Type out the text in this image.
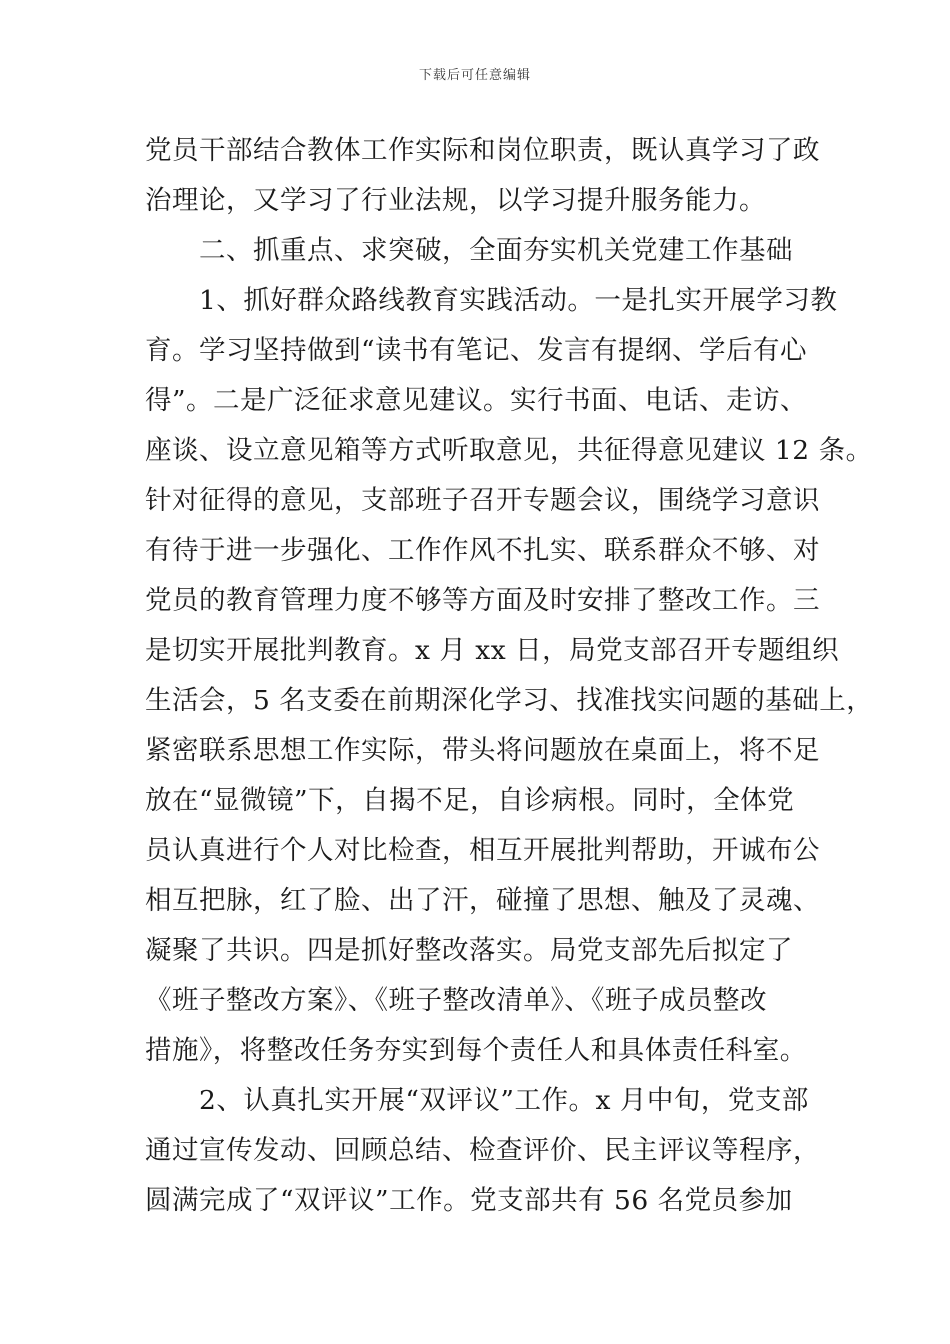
下载后可任意编辑
党员干部结合教体工作实际和岗位职责，既认真学习了政
治理论，又学习了行业法规，以学习提升服务能力。
　　二、抓重点、求突破，全面夯实机关党建工作基础
　　1、抓好群众路线教育实践活动。一是扎实开展学习教
育。学习坚持做到“读书有笔记、发言有提纲、学后有心
得”。二是广泛征求意见建议。实行书面、电话、走访、
座谈、设立意见箱等方式听取意见，共征得意见建议 12 条。
针对征得的意见，支部班子召开专题会议，围绕学习意识
有待于进一步强化、工作作风不扎实、联系群众不够、对
党员的教育管理力度不够等方面及时安排了整改工作。三
是切实开展批判教育。x 月 xx 日，局党支部召开专题组织
生活会，5 名支委在前期深化学习、找准找实问题的基础上，
紧密联系思想工作实际，带头将问题放在桌面上，将不足
放在“显微镜”下，自揭不足，自诊病根。同时，全体党
员认真进行个人对比检查，相互开展批判帮助，开诚布公
相互把脉，红了脸、出了汗，碰撞了思想、触及了灵魂、
凝聚了共识。四是抓好整改落实。局党支部先后拟定了
《班子整改方案》、《班子整改清单》、《班子成员整改
措施》，将整改任务夯实到每个责任人和具体责任科室。
　　2、认真扎实开展“双评议”工作。x 月中旬，党支部
通过宣传发动、回顾总结、检查评价、民主评议等程序，
圆满完成了“双评议”工作。党支部共有 56 名党员参加
